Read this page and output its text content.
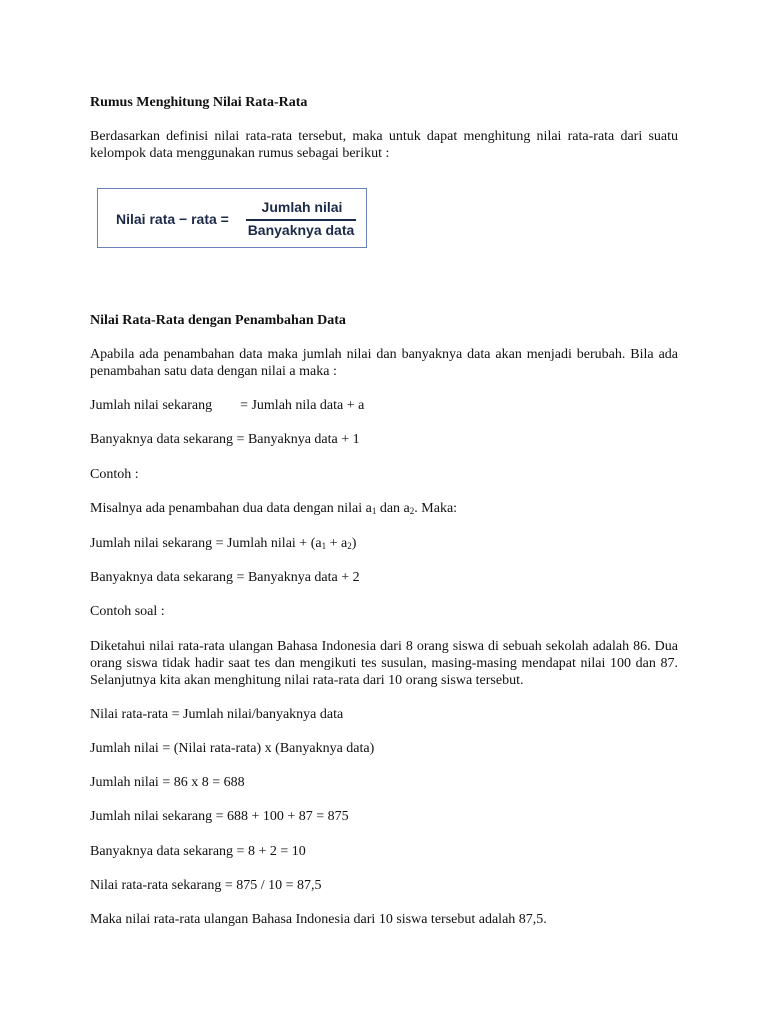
Rumus Menghitung Nilai Rata-Rata

Berdasarkan definisi nilai rata-rata tersebut, maka untuk dapat menghitung nilai rata-rata dari suatu kelompok data menggunakan rumus sebagai berikut :

Nilai rata − rata =
Jumlah nilai
Banyaknya data

Nilai Rata-Rata dengan Penambahan Data

Apabila ada penambahan data maka jumlah nilai dan banyaknya data akan menjadi berubah. Bila ada penambahan satu data dengan nilai a maka :

Jumlah nilai sekarang = Jumlah nila data + a

Banyaknya data sekarang = Banyaknya data + 1

Contoh :

Misalnya ada penambahan dua data dengan nilai $a_1$ dan $a_2$. Maka:

Jumlah nilai sekarang = Jumlah nilai + $(a_1 + a_2)$

Banyaknya data sekarang = Banyaknya data + 2

Contoh soal :

Diketahui nilai rata-rata ulangan Bahasa Indonesia dari 8 orang siswa di sebuah sekolah adalah 86. Dua orang siswa tidak hadir saat tes dan mengikuti tes susulan, masing-masing mendapat nilai 100 dan 87. Selanjutnya kita akan menghitung nilai rata-rata dari 10 orang siswa tersebut.

Nilai rata-rata = Jumlah nilai/banyaknya data

Jumlah nilai = (Nilai rata-rata) x (Banyaknya data)

Jumlah nilai = 86 x 8 = 688

Jumlah nilai sekarang = 688 + 100 + 87 = 875

Banyaknya data sekarang = 8 + 2 = 10

Nilai rata-rata sekarang = 875 / 10 = 87,5

Maka nilai rata-rata ulangan Bahasa Indonesia dari 10 siswa tersebut adalah 87,5.
